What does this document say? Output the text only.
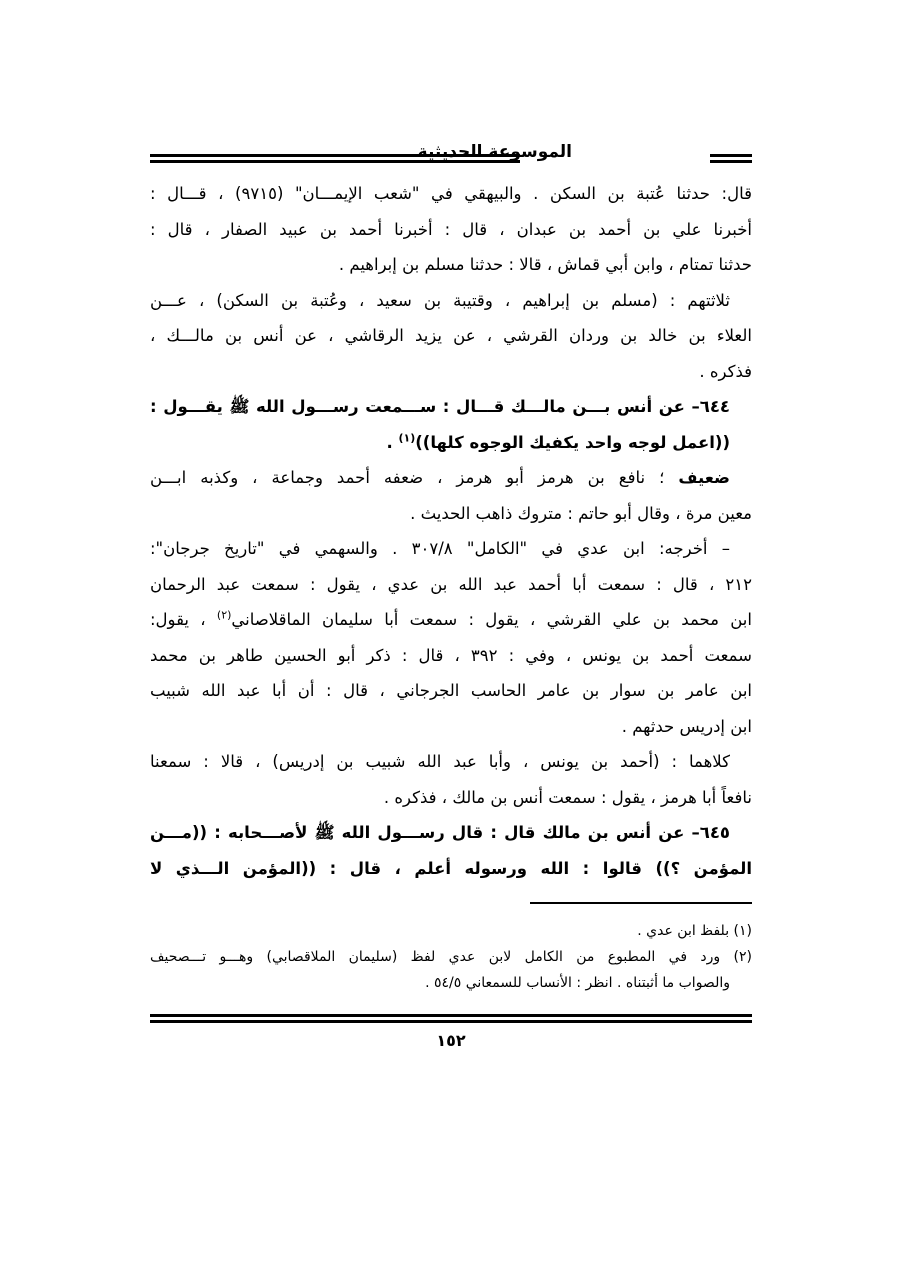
الموسوعة الحديثية
قال: حدثنا عُتبة بن السكن . والبيهقي في "شعب الإيمـــان" (٩٧١٥) ، قـــال :
أخبرنا علي بن أحمد بن عبدان ، قال : أخبرنا أحمد بن عبيد الصفار ، قال :
حدثنا تمتام ، وابن أبي قماش ، قالا : حدثنا مسلم بن إبراهيم .
ثلاثتهم : (مسلم بن إبراهيم ، وقتيبة بن سعيد ، وعُتبة بن السكن) ، عـــن
العلاء بن خالد بن وردان القرشي ، عن يزيد الرقاشي ، عن أنس بن مالـــك ،
فذكره .
٦٤٤– عن أنس بـــن مالـــك قـــال : ســـمعت رســـول الله ﷺ يقـــول :
((اعمل لوجه واحد يكفيك الوجوه كلها))$^{(١)}$ .
ضعيف ؛ نافع بن هرمز أبو هرمز ، ضعفه أحمد وجماعة ، وكذبه ابـــن
معين مرة ، وقال أبو حاتم : متروك ذاهب الحديث .
– أخرجه: ابن عدي في "الكامل" ٣٠٧/٨ . والسهمي في "تاريخ جرجان":
٢١٢ ، قال : سمعت أبا أحمد عبد الله بن عدي ، يقول : سمعت عبد الرحمان
ابن محمد بن علي القرشي ، يقول : سمعت أبا سليمان الماقلاصاني$^{(٢)}$ ، يقول:
سمعت أحمد بن يونس ، وفي : ٣٩٢ ، قال : ذكر أبو الحسين طاهر بن محمد
ابن عامر بن سوار بن عامر الحاسب الجرجاني ، قال : أن أبا عبد الله شبيب
ابن إدريس حدثهم .
كلاهما : (أحمد بن يونس ، وأبا عبد الله شبيب بن إدريس) ، قالا : سمعنا
نافعاً أبا هرمز ، يقول : سمعت أنس بن مالك ، فذكره .
٦٤٥– عن أنس بن مالك قال : قال رســـول الله ﷺ لأصـــحابه : ((مـــن
المؤمن ؟)) قالوا : الله ورسوله أعلم ، قال : ((المؤمن الـــذي لا
(١) بلفظ ابن عدي .
(٢) ورد في المطبوع من الكامل لابن عدي لفظ (سليمان الملاقصابي) وهـــو تـــصحيف
والصواب ما أثبتناه . انظر : الأنساب للسمعاني ٥٤/٥ .
١٥٢
